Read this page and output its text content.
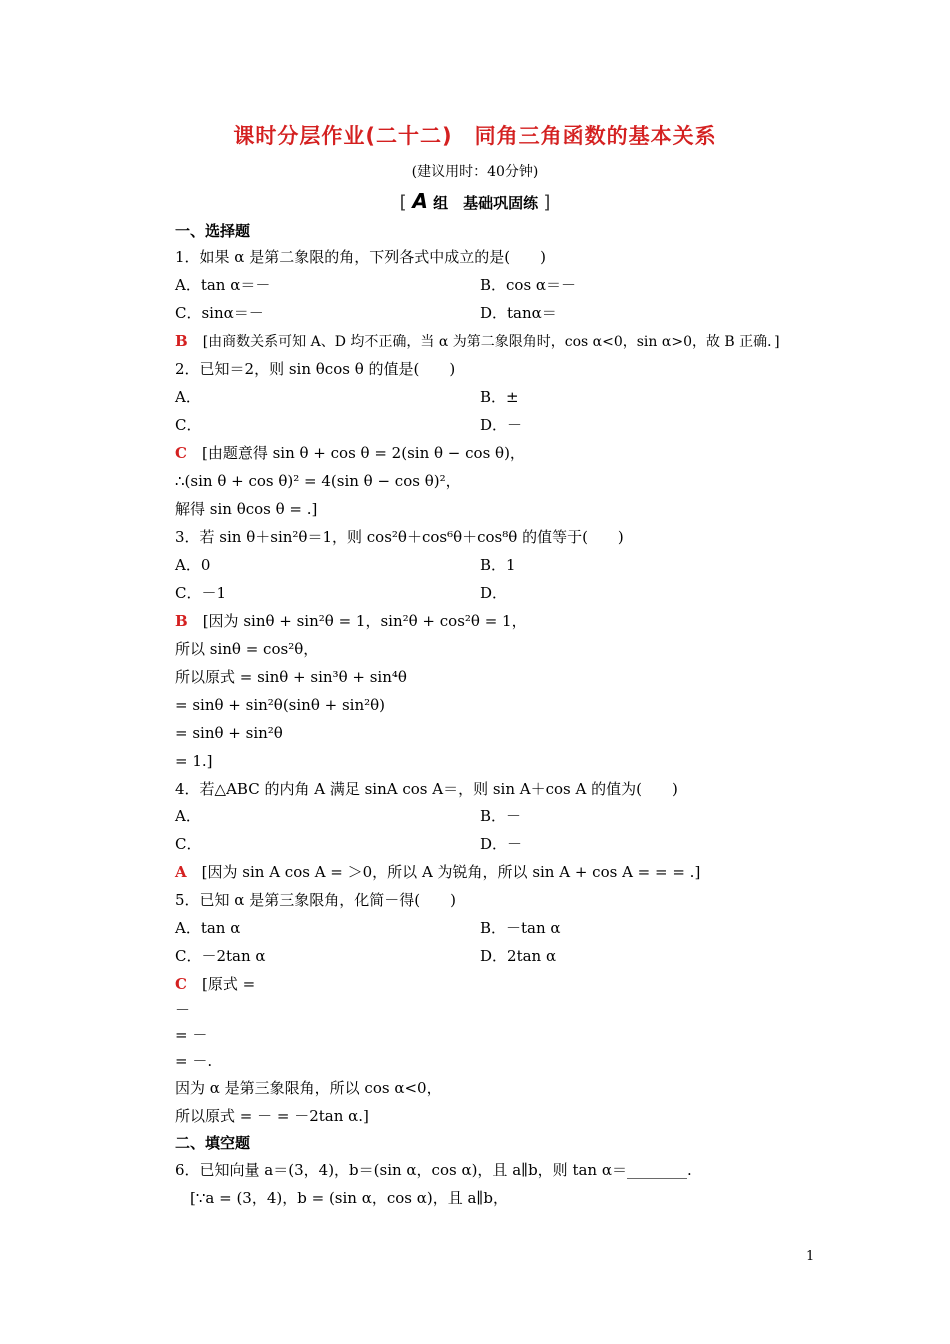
课时分层作业(二十二)　同角三角函数的基本关系
(建议用时：40分钟)
[ A 组　基础巩固练 ]
一、选择题
1．如果 α 是第二象限的角，下列各式中成立的是(　　)
A．tan α＝－	B．cos α＝－
C．sinα＝－	D．tanα＝
B　 [由商数关系可知 A、D 均不正确，当 α 为第二象限角时，cos α<0，sin α>0，故 B 正确．]
2．已知＝2，则 sin θcos θ 的值是(　　)
A．	B．±
C．	D．－
C　 [由题意得 sin θ + cos θ = 2(sin θ − cos θ)，
∴(sin θ + cos θ)² = 4(sin θ − cos θ)²，
解得 sin θcos θ = .]
3．若 sin θ＋sin²θ＝1，则 cos²θ＋cos⁶θ＋cos⁸θ 的值等于(　　)
A．0	B．1
C．－1	D．
B　 [因为 sinθ + sin²θ = 1，sin²θ + cos²θ = 1，
所以 sinθ = cos²θ，
所以原式 = sinθ + sin³θ + sin⁴θ
= sinθ + sin²θ(sinθ + sin²θ)
= sinθ + sin²θ
= 1.]
4．若△ABC 的内角 A 满足 sinA cos A＝，则 sin A＋cos A 的值为(　　)
A．	B．－
C．	D．－
A　 [因为 sin A cos A = ＞0，所以 A 为锐角，所以 sin A + cos A = = = .]
5．已知 α 是第三象限角，化简－得(　　)
A．tan α	B．－tan α
C．－2tan α	D．2tan α
C　 [原式 =
－
= －
= －.
因为 α 是第三象限角，所以 cos α<0，
所以原式 = － = －2tan α.]
二、填空题
6．已知向量 a＝(3，4)，b＝(sin α，cos α)，且 a∥b，则 tan α＝________.
[∵a = (3，4)，b = (sin α，cos α)，且 a∥b，
1
